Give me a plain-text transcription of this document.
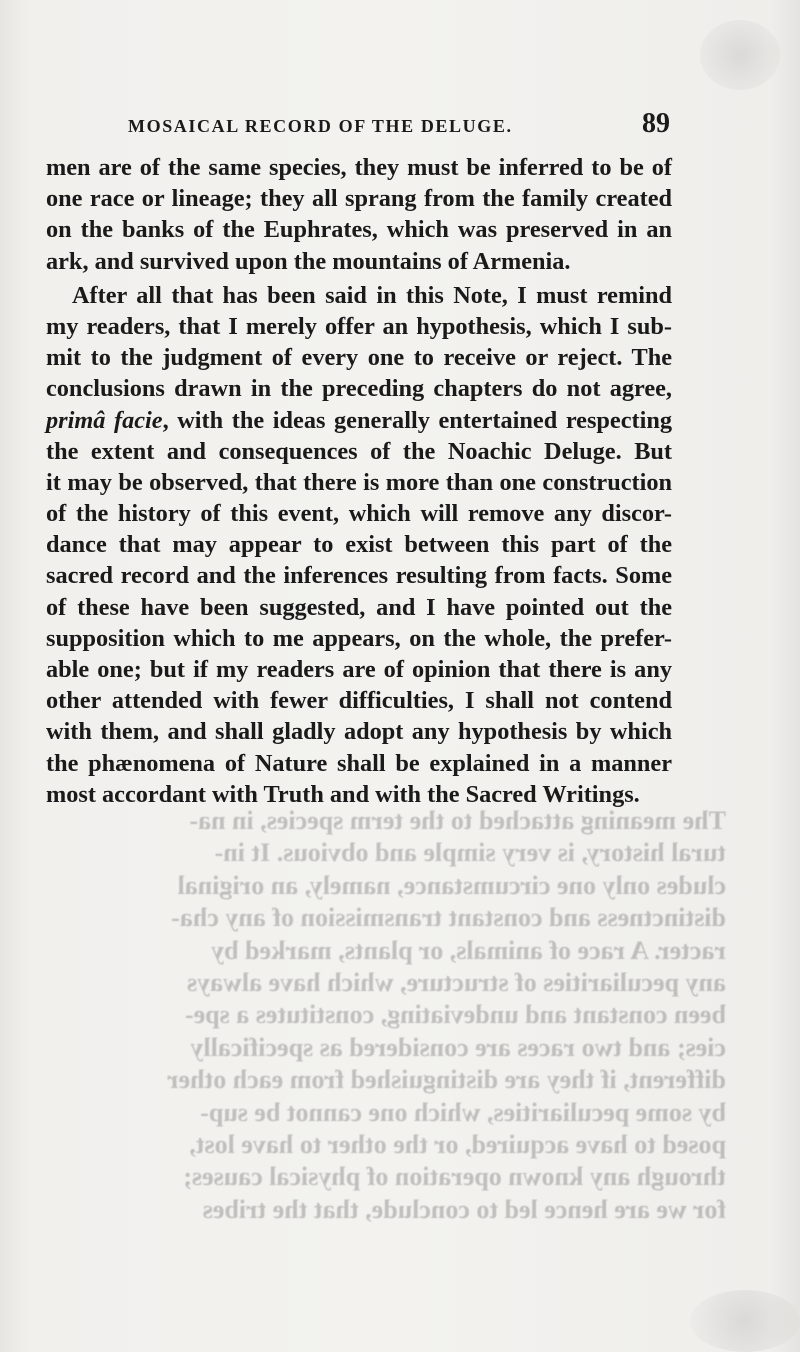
The meaning attached to the term species, in na-
tural history, is very simple and obvious. It in-
cludes only one circumstance, namely, an original
distinctness and constant transmission of any cha-
racter. A race of animals, or plants, marked by
any peculiarities of structure, which have always
been constant and undeviating, constitutes a spe-
cies; and two races are considered as specifically
different, if they are distinguished from each other
by some peculiarities, which one cannot be sup-
posed to have acquired, or the other to have lost,
through any known operation of physical causes;
for we are hence led to conclude, that the tribes
MOSAICAL RECORD OF THE DELUGE.	89
men are of the same species, they must be inferred to be of
one race or lineage; they all sprang from the family created
on the banks of the Euphrates, which was preserved in an
ark, and survived upon the mountains of Armenia.
After all that has been said in this Note, I must remind
my readers, that I merely offer an hypothesis, which I sub-
mit to the judgment of every one to receive or reject. The
conclusions drawn in the preceding chapters do not agree,
primâ facie, with the ideas generally entertained respecting
the extent and consequences of the Noachic Deluge. But
it may be observed, that there is more than one construction
of the history of this event, which will remove any discor-
dance that may appear to exist between this part of the
sacred record and the inferences resulting from facts. Some
of these have been suggested, and I have pointed out the
supposition which to me appears, on the whole, the prefer-
able one; but if my readers are of opinion that there is any
other attended with fewer difficulties, I shall not contend
with them, and shall gladly adopt any hypothesis by which
the phænomena of Nature shall be explained in a manner
most accordant with Truth and with the Sacred Writings.
